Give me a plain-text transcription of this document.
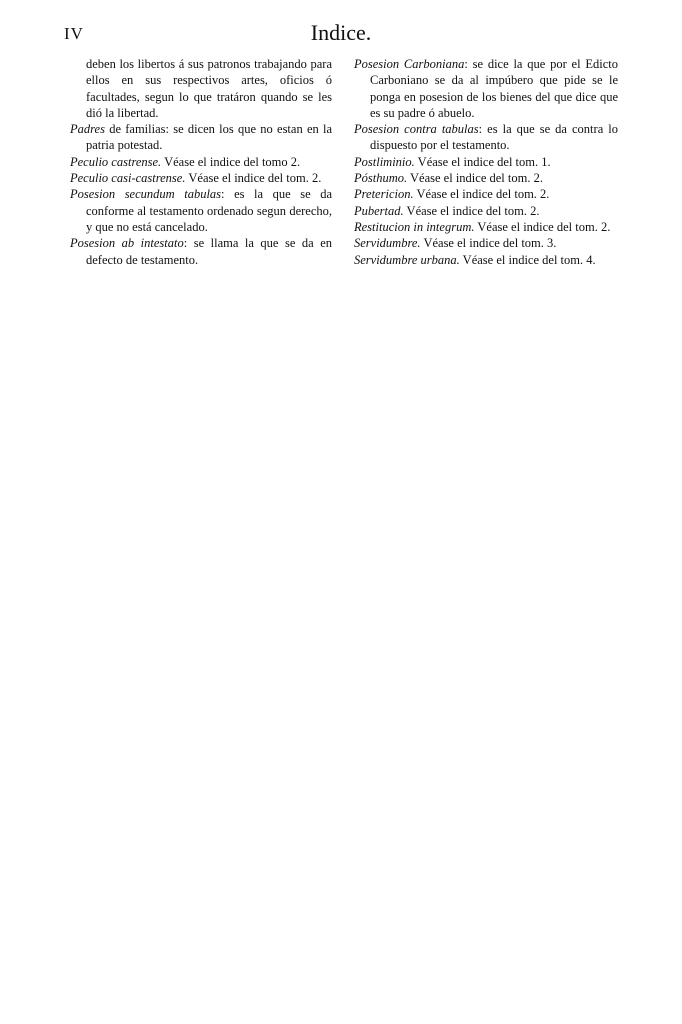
IV	Indice.

deben los libertos á sus patronos trabajando para ellos en sus respectivos artes, oficios ó facultades, segun lo que tratáron quando se les dió la libertad.

Padres de familias: se dicen los que no estan en la patria potestad.

Peculio castrense. Véase el indice del tomo 2.

Peculio casi-castrense. Véase el indice del tom. 2.

Posesion secundum tabulas: es la que se da conforme al testamento ordenado segun derecho, y que no está cancelado.

Posesion ab intestato: se llama la que se da en defecto de testamento.

Posesion Carboniana: se dice la que por el Edicto Carboniano se da al impúbero que pide se le ponga en posesion de los bienes del que dice que es su padre ó abuelo.

Posesion contra tabulas: es la que se da contra lo dispuesto por el testamento.

Postliminio. Véase el indice del tom. 1.

Pósthumo. Véase el indice del tom. 2.

Pretericion. Véase el indice del tom. 2.

Pubertad. Véase el indice del tom. 2.

Restitucion in integrum. Véase el indice del tom. 2.

Servidumbre. Véase el indice del tom. 3.

Servidumbre urbana. Véase el indice del tom. 4.
